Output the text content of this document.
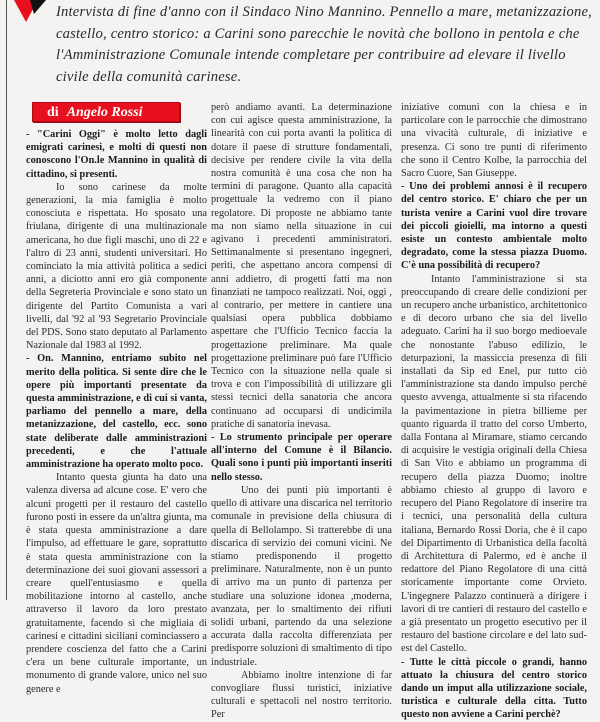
Intervista di fine d'anno con il Sindaco Nino Mannino. Pennello a mare, metanizzazione, castello, centro storico: a Carini sono parecchie le novità che bollono in pentola e che l'Amministrazione Comunale intende completare per contribuire ad elevare il livello civile della comunità carinese.

di Angelo Rossi

- "Carini Oggi" è molto letto dagli emigrati carinesi, e molti di questi non conoscono l'On.le Mannino in qualità di cittadino, si presenti.

Io sono carinese da molte generazioni, la mia famiglia è molto conosciuta e rispettata. Ho sposato una friulana, dirigente di una multinazionale americana, ho due figli maschi, uno di 22 e l'altro di 23 anni, studenti universitari. Ho cominciato la mia attività politica a sedici anni, a diciotto anni ero già componente della Segreteria Provinciale e sono stato un dirigente del Partito Comunista a vari livelli, dal '92 al '93 Segretario Provinciale del PDS. Sono stato deputato al Parlamento Nazionale dal 1983 al 1992.

- On. Mannino, entriamo subito nel merito della politica. Si sente dire che le opere più importanti presentate da questa amministrazione, e di cui si vanta, parliamo del pennello a mare, della metanizzazione, del castello, ecc. sono state deliberate dalle amministrazioni precedenti, e che l'attuale amministrazione ha operato molto poco.

Intanto questa giunta ha dato una valenza diversa ad alcune cose. E' vero che alcuni progetti per il restauro del castello furono posti in essere da un'altra giunta, ma è stata questa amministrazione a dare l'impulso, ad effettuare le gare, soprattutto è stata questa amministrazione con la determinazione dei suoi giovani assessori a creare quell'entusiasmo e quella mobilitazione intorno al castello, anche attraverso il lavoro da loro prestato gratuitamente, facendo sì che migliaia di carinesi e cittadini siciliani cominciassero a prendere coscienza del fatto che a Carini c'era un bene culturale importante, un monumento di grande valore, unico nel suo genere e

però andiamo avanti. La determinazione con cui agisce questa amministrazione, la linearità con cui porta avanti la politica di dotare il paese di strutture fondamentali, decisive per rendere civile la vita della nostra comunità è una cosa che non ha termini di paragone. Quanto alla capacità progettuale la vedremo con il piano regolatore. Di proposte ne abbiamo tante ma non siamo nella situazione in cui agivano i precedenti amministratori. Settimanalmente si presentano ingegneri, periti, che aspettano ancora compensi di anni addietro, di progetti fatti ma non finanziati ne tampoco realizzati. Noi, oggi , al contrario, per mettere in cantiere una qualsiasi opera pubblica dobbiamo aspettare che l'Ufficio Tecnico faccia la progettazione preliminare. Ma quale progettazione preliminare può fare l'Ufficio Tecnico con la situazione nella quale si trova e con l'impossibilità di utilizzare gli stessi tecnici della sanatoria che ancora continuano ad occuparsi di undicimila pratiche di sanatoria inevasa.

- Lo strumento principale per operare all'interno del Comune è il Bilancio. Quali sono i punti più importanti inseriti nello stesso.

Uno dei punti più importanti è quello di attivare una discarica nel territorio comunale in previsione della chiusura di quella di Bellolampo. Si tratterebbe di una discarica di servizio dei comuni vicini. Ne stiamo predisponendo il progetto preliminare. Naturalmente, non è un punto di arrivo ma un punto di partenza per studiare una soluzione idonea ,moderna, avanzata, per lo smaltimento dei rifiuti solidi urbani, partendo da una selezione accurata dalla raccolta differenziata per predisporre soluzioni di smaltimento di tipo industriale.

Abbiamo inoltre intenzione di far convogliare flussi turistici, iniziative culturali e spettacoli nel nostro territorio. Per

iniziative comuni con la chiesa e in particolare con le parrocchie che dimostrano una vivacità culturale, di iniziative e presenza. Ci sono tre punti di riferimento che sono il Centro Kolbe, la parrocchia del Sacro Cuore, San Giuseppe.

- Uno dei problemi annosi è il recupero del centro storico. E' chiaro che per un turista venire a Carini vuol dire trovare dei piccoli gioielli, ma intorno a questi esiste un contesto ambientale molto degradato, come la stessa piazza Duomo. C'è una possibilità di recupero?

Intanto l'amministrazione si sta preoccupando di creare delle condizioni per un recupero anche urbanistico, architettonico e di decoro urbano che sia del livello adeguato. Carini ha il suo borgo medioevale che nonostante l'abuso edilizio, le deturpazioni, la massiccia presenza di fili installati da Sip ed Enel, pur tutto ciò l'amministrazione sta dando impulso perchè questo avvenga, attualmente si sta rifacendo la pavimentazione in pietra billieme per quanto riguarda il tratto del corso Umberto, dalla Fontana al Miramare, stiamo cercando di acquisire le vestigia originali della Chiesa di San Vito e abbiamo un programma di recupero della piazza Duomo; inoltre abbiamo chiesto al gruppo di lavoro e recupero del Piano Regolatore di inserire tra i tecnici, una personalità della cultura italiana, Bernardo Rossi Doria, che è il capo del Dipartimento di Urbanistica della facoltà di Architettura di Palermo, ed è anche il redattore del Piano Regolatore di una città storicamente importante come Orvieto. L'ingegnere Palazzo continuerà a dirigere i lavori di tre cantieri di restauro del castello e a già presentato un progetto esecutivo per il restauro del bastione circolare e del lato sud-est del Castello.

- Tutte le città piccole o grandi, hanno attuato la chiusura del centro storico dando un imput alla utilizzazione sociale, turistica e culturale della citta. Tutto questo non avviene a Carini perchè?
